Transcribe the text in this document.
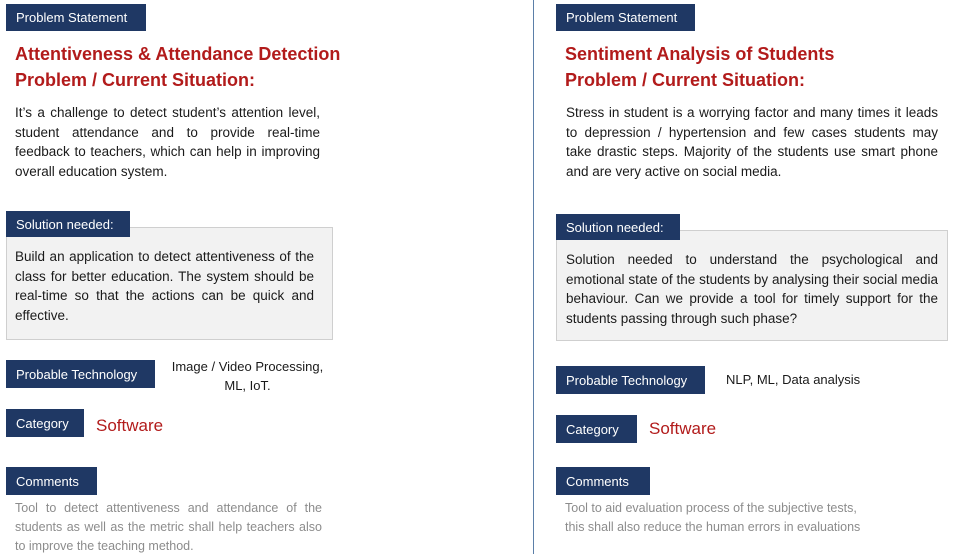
Problem Statement
Attentiveness & Attendance Detection
Problem / Current Situation:

It’s a challenge to detect student’s attention level, student attendance and to provide real-time feedback to teachers, which can help in improving overall education system.

Solution needed:

Build an application to detect attentiveness of the class for better education. The system should be real-time so that the actions can be quick and effective.

Probable Technology	Image / Video Processing,
ML, IoT.
Category	Software
Comments

Tool to detect attentiveness and attendance of the students as well as the metric shall help teachers also to improve the teaching method.

Problem Statement
Sentiment Analysis of Students
Problem / Current Situation:

Stress in student is a worrying factor and many times it leads to depression / hypertension and few cases students may take drastic steps. Majority of the students use smart phone and are very active on social media.

Solution needed:

Solution needed to understand the psychological and emotional state of the students by analysing their social media behaviour. Can we provide a tool for timely support for the students passing through such phase?

Probable Technology	NLP, ML, Data analysis
Category	Software
Comments
Tool to aid evaluation process of the subjective tests,
this shall also reduce the human errors in evaluations
